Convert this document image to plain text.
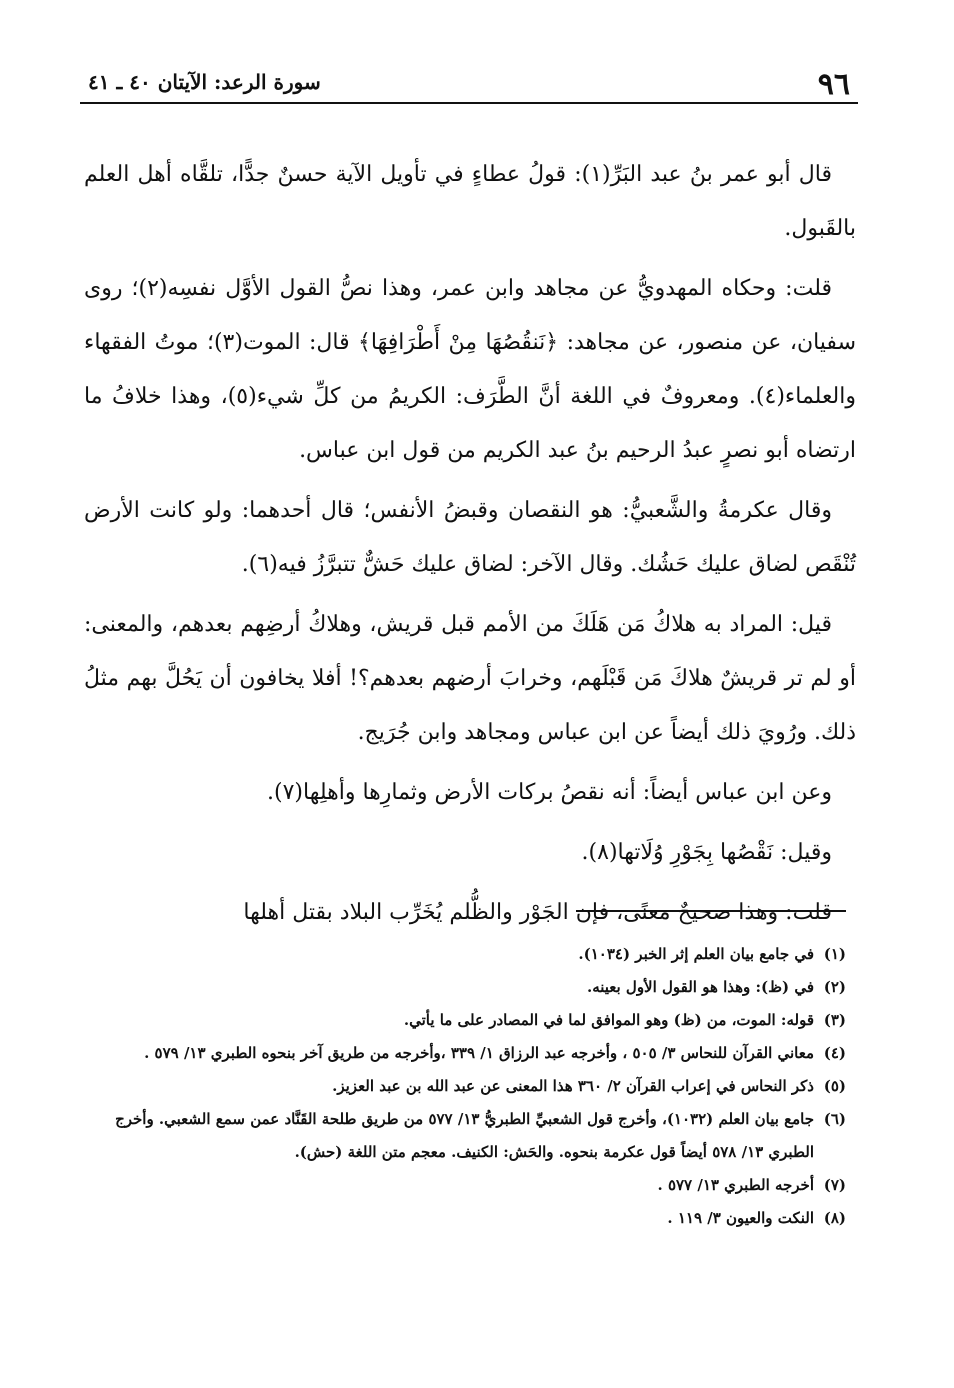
٩٦
سورة الرعد: الآيتان ٤٠ ـ ٤١

قال أبو عمر بنُ عبد البَرِّ(١): قولُ عطاءٍ في تأويل الآية حسنٌ جدًّا، تلقَّاه أهل العلم بالقَبول.

قلت: وحكاه المهدويُّ عن مجاهد وابن عمر، وهذا نصُّ القول الأوَّل نفسِه(٢)؛ روى سفيان، عن منصور، عن مجاهد: ﴿نَنقُصُهَا مِنْ أَطْرَافِهَا﴾ قال: الموت(٣)؛ موتُ الفقهاء والعلماء(٤). ومعروفٌ في اللغة أنَّ الطَّرَف: الكريمُ من كلِّ شيء(٥)، وهذا خلافُ ما ارتضاه أبو نصرٍ عبدُ الرحيم بنُ عبد الكريم من قول ابن عباس.

وقال عكرمةُ والشَّعبيُّ: هو النقصان وقبضُ الأنفس؛ قال أحدهما: ولو كانت الأرض تُنْقَص لضاق عليك حَشُك. وقال الآخر: لضاق عليك حَشٌّ تتبرَّزُ فيه(٦).

قيل: المراد به هلاكُ مَن هَلَكَ من الأمم قبل قريش، وهلاكُ أرضِهم بعدهم، والمعنى: أو لم تر قريشٌ هلاكَ مَن قَبْلَهم، وخرابَ أرضهم بعدهم؟! أفلا يخافون أن يَحُلَّ بهم مثلُ ذلك. ورُويَ ذلك أيضاً عن ابن عباس ومجاهد وابن جُرَيج.

وعن ابن عباس أيضاً: أنه نقصُ بركات الأرض وثمارِها وأهلِها(٧).

وقيل: نَقْصُها بِجَوْرِ وُلَاتها(٨).

قلت: وهذا صحيحٌ معنًى، فإن الجَوْر والظُّلم يُخَرِّب البلاد بقتل أهلها

(١)
في جامع بيان العلم إثر الخبر (١٠٣٤).

(٢)
في (ظ): وهذا هو القول الأول بعينه.

(٣)
قوله: الموت، من (ظ) وهو الموافق لما في المصادر على ما يأتي.

(٤)
معاني القرآن للنحاس ٣/ ٥٠٥ ، وأخرجه عبد الرزاق ١/ ٣٣٩ ،وأخرجه من طريق آخر بنحوه الطبري ١٣/ ٥٧٩ .

(٥)
ذكر النحاس في إعراب القرآن ٢/ ٣٦٠ هذا المعنى عن عبد الله بن عبد العزيز.

(٦)
جامع بيان العلم (١٠٣٢)، وأخرج قول الشعبيِّ الطبريُّ ١٣/ ٥٧٧ من طريق طلحة القَنَّاد عمن سمع الشعبي. وأخرج الطبري ١٣/ ٥٧٨ أيضاً قول عكرمة بنحوه. والحَش: الكنيف. معجم متن اللغة (حش).

(٧)
أخرجه الطبري ١٣/ ٥٧٧ .

(٨)
النكت والعيون ٣/ ١١٩ .
